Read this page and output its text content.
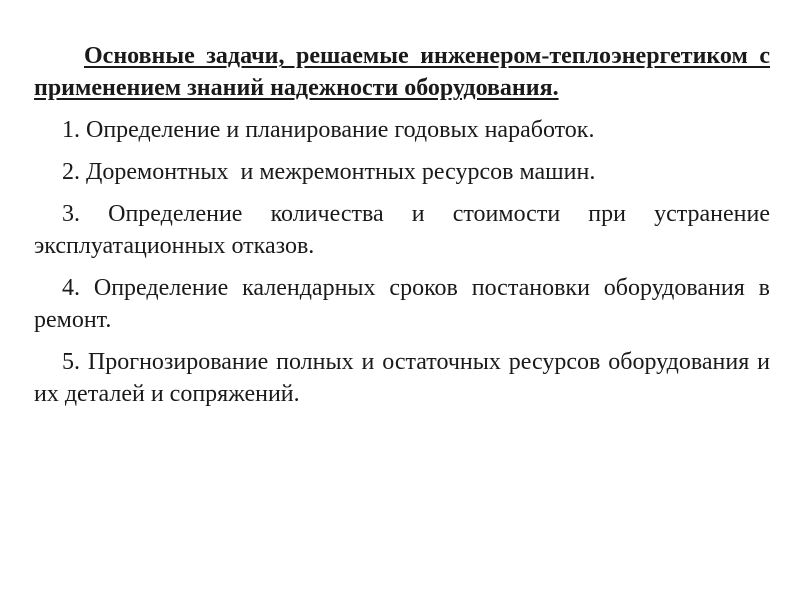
Основные задачи, решаемые инженером-теплоэнергетиком с применением знаний надежности оборудования.

1. Определение и планирование годовых наработок.

2. Доремонтных  и межремонтных ресурсов машин.

3. Определение количества и стоимости при устранение эксплуатационных отказов.

4. Определение календарных сроков постановки оборудования в ремонт.

5. Прогнозирование полных и остаточных ресурсов оборудования и их деталей и сопряжений.
